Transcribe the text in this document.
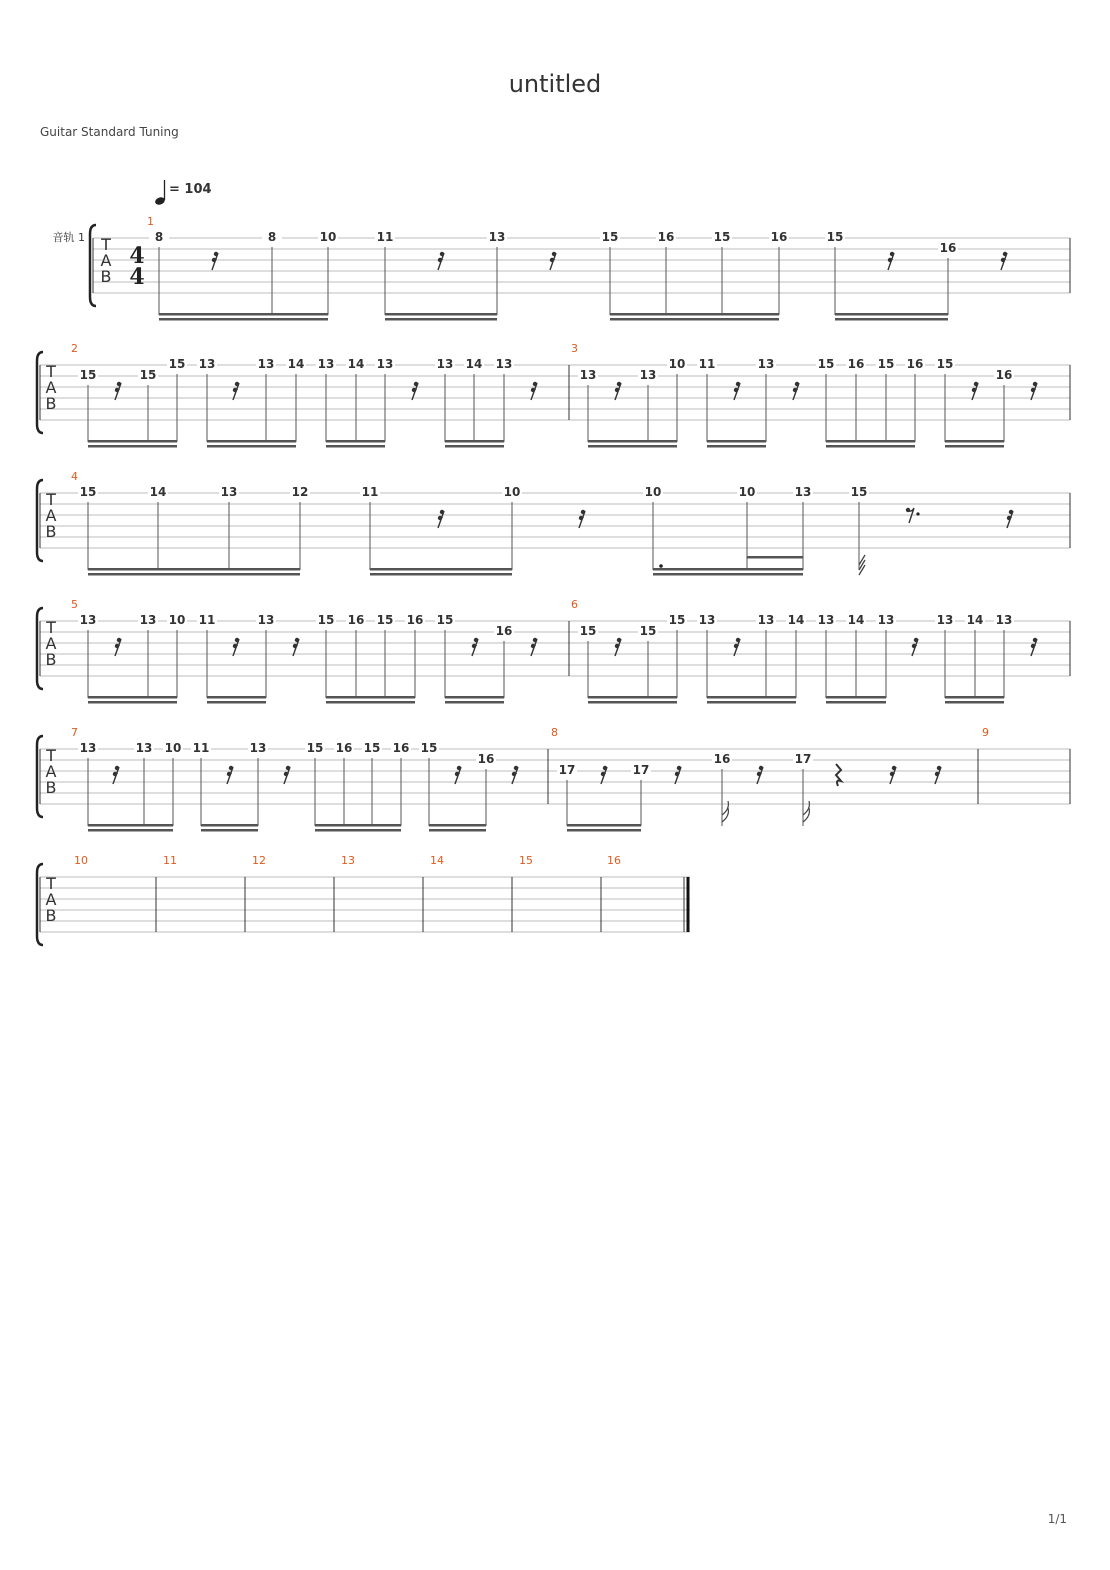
untitled
Guitar Standard Tuning
1/1
T
A
B
1
8	8	10	11	13	15	16	15	16	15
16
T
A
B
2
15	15
15 13	13 14 13 14 13	13 14 13
3
13	13
10 11	13	15 16 15 16 15
16
T
A
B
4
15	14	13	12	11	10	10	10	13	15
T
A
B
5
13	13 10 11	13	15 16 15 16 15
16
6
15	15
15 13	13 14 13 14 13	13 14 13
T
A
B
7
13	13 10 11	13	15 16 15 16 15
16
8
17	17
16	17
9
T
A
B
10	11	12	13	14	15	16
= 104
音轨 1
4
4
